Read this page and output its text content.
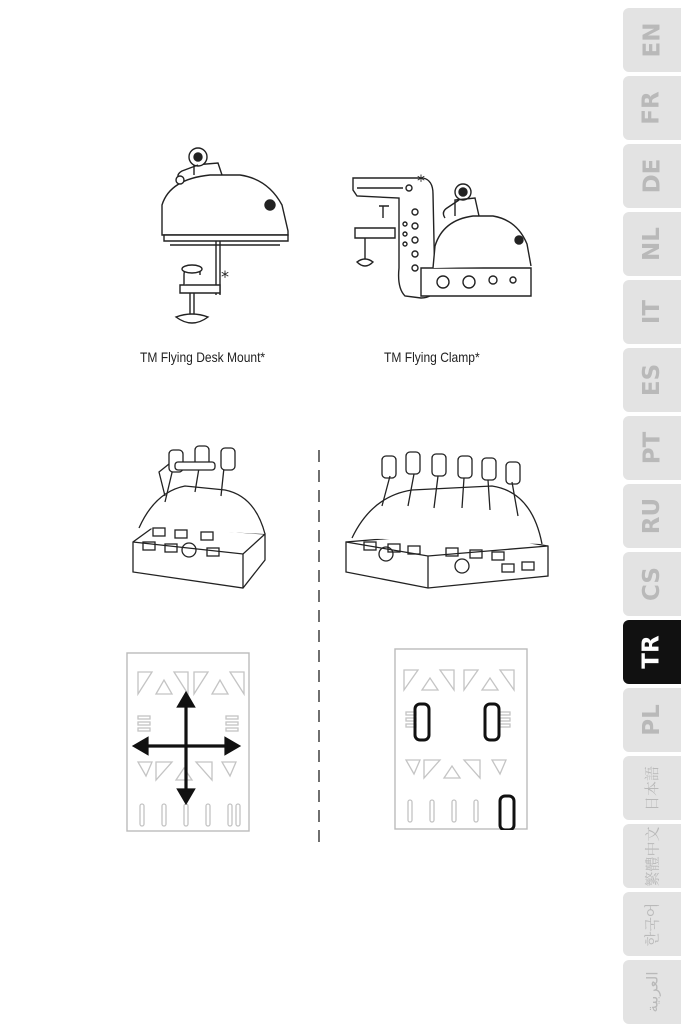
*
TM Flying Desk Mount*
*
TM Flying Clamp*
EN
FR
DE
NL
IT
ES
PT
RU
CS
TR
PL
日本語
繁體中文
한국어
العربية
